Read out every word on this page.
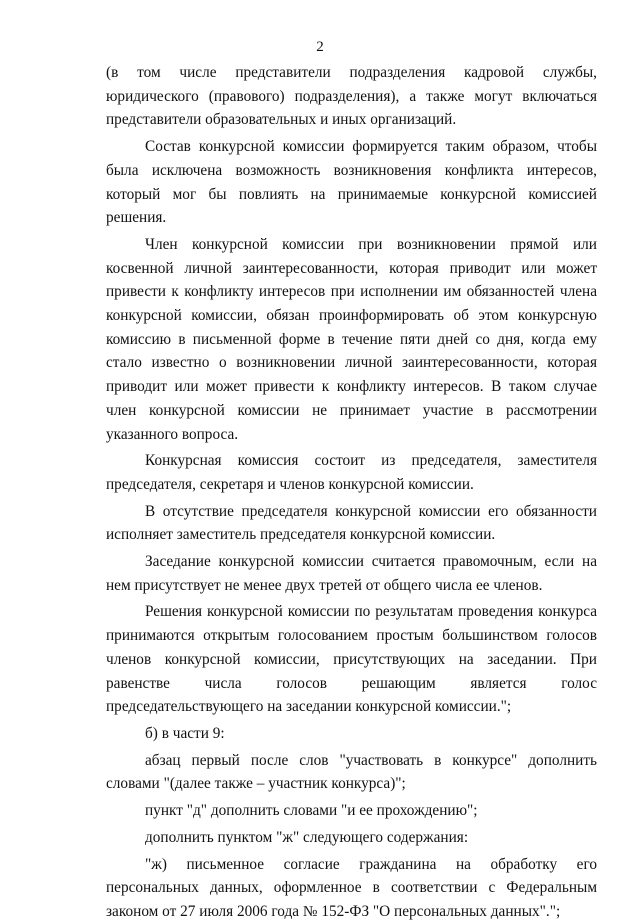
2

(в том числе представители подразделения кадровой службы, юридического (правового) подразделения), а также могут включаться представители образовательных и иных организаций.

Состав конкурсной комиссии формируется таким образом, чтобы была исключена возможность возникновения конфликта интересов, который мог бы повлиять на принимаемые конкурсной комиссией решения.

Член конкурсной комиссии при возникновении прямой или косвенной личной заинтересованности, которая приводит или может привести к конфликту интересов при исполнении им обязанностей члена конкурсной комиссии, обязан проинформировать об этом конкурсную комиссию в письменной форме в течение пяти дней со дня, когда ему стало известно о возникновении личной заинтересованности, которая приводит или может привести к конфликту интересов. В таком случае член конкурсной комиссии не принимает участие в рассмотрении указанного вопроса.

Конкурсная комиссия состоит из председателя, заместителя председателя, секретаря и членов конкурсной комиссии.

В отсутствие председателя конкурсной комиссии его обязанности исполняет заместитель председателя конкурсной комиссии.

Заседание конкурсной комиссии считается правомочным, если на нем присутствует не менее двух третей от общего числа ее членов.

Решения конкурсной комиссии по результатам проведения конкурса принимаются открытым голосованием простым большинством голосов членов конкурсной комиссии, присутствующих на заседании. При равенстве числа голосов решающим является голос председательствующего на заседании конкурсной комиссии.";

б) в части 9:

абзац первый после слов "участвовать в конкурсе" дополнить словами "(далее также – участник конкурса)";

пункт "д" дополнить словами "и ее прохождению";

дополнить пунктом "ж" следующего содержания:

"ж) письменное согласие гражданина на обработку его персональных данных, оформленное в соответствии с Федеральным законом от 27 июля 2006 года № 152-ФЗ "О персональных данных".";
